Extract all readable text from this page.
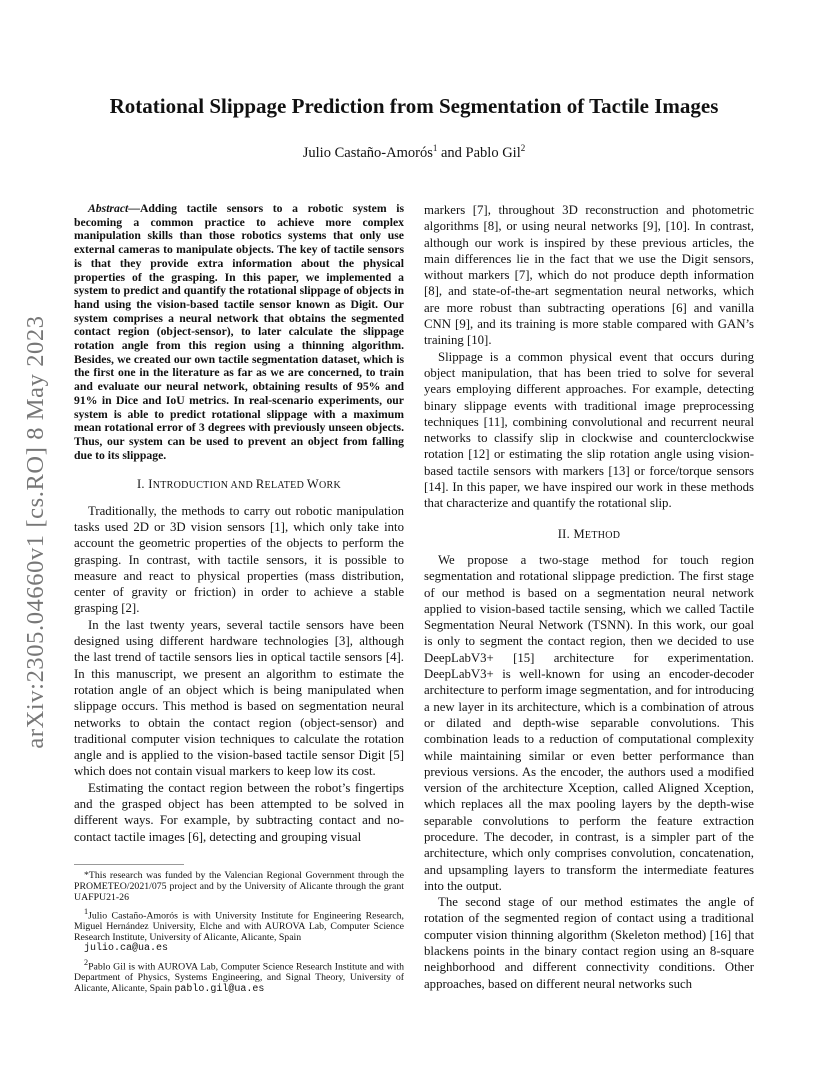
arXiv:2305.04660v1 [cs.RO] 8 May 2023
Rotational Slippage Prediction from Segmentation of Tactile Images
Julio Castaño-Amorós$^1$ and Pablo Gil$^2$

Abstract—Adding tactile sensors to a robotic system is becoming a common practice to achieve more complex manipulation skills than those robotics systems that only use external cameras to manipulate objects. The key of tactile sensors is that they provide extra information about the physical properties of the grasping. In this paper, we implemented a system to predict and quantify the rotational slippage of objects in hand using the vision-based tactile sensor known as Digit. Our system comprises a neural network that obtains the segmented contact region (object-sensor), to later calculate the slippage rotation angle from this region using a thinning algorithm. Besides, we created our own tactile segmentation dataset, which is the first one in the literature as far as we are concerned, to train and evaluate our neural network, obtaining results of 95% and 91% in Dice and IoU metrics. In real-scenario experiments, our system is able to predict rotational slippage with a maximum mean rotational error of 3 degrees with previously unseen objects. Thus, our system can be used to prevent an object from falling due to its slippage.

I. INTRODUCTION AND RELATED WORK

Traditionally, the methods to carry out robotic manipulation tasks used 2D or 3D vision sensors [1], which only take into account the geometric properties of the objects to perform the grasping. In contrast, with tactile sensors, it is possible to measure and react to physical properties (mass distribution, center of gravity or friction) in order to achieve a stable grasping [2].

In the last twenty years, several tactile sensors have been designed using different hardware technologies [3], although the last trend of tactile sensors lies in optical tactile sensors [4]. In this manuscript, we present an algorithm to estimate the rotation angle of an object which is being manipulated when slippage occurs. This method is based on segmentation neural networks to obtain the contact region (object-sensor) and traditional computer vision techniques to calculate the rotation angle and is applied to the vision-based tactile sensor Digit [5] which does not contain visual markers to keep low its cost.

Estimating the contact region between the robot’s fingertips and the grasped object has been attempted to be solved in different ways. For example, by subtracting contact and no-contact tactile images [6], detecting and grouping visual

*This research was funded by the Valencian Regional Government through the PROMETEO/2021/075 project and by the University of Alicante through the grant UAFPU21-26

$^1$Julio Castaño-Amorós is with University Institute for Engineering Research, Miguel Hernández University, Elche and with AUROVA Lab, Computer Science Research Institute, University of Alicante, Alicante, Spain
julio.ca@ua.es

$^2$Pablo Gil is with AUROVA Lab, Computer Science Research Institute and with Department of Physics, Systems Engineering, and Signal Theory, University of Alicante, Alicante, Spain pablo.gil@ua.es

markers [7], throughout 3D reconstruction and photometric algorithms [8], or using neural networks [9], [10]. In contrast, although our work is inspired by these previous articles, the main differences lie in the fact that we use the Digit sensors, without markers [7], which do not produce depth information [8], and state-of-the-art segmentation neural networks, which are more robust than subtracting operations [6] and vanilla CNN [9], and its training is more stable compared with GAN’s training [10].

Slippage is a common physical event that occurs during object manipulation, that has been tried to solve for several years employing different approaches. For example, detecting binary slippage events with traditional image preprocessing techniques [11], combining convolutional and recurrent neural networks to classify slip in clockwise and counterclockwise rotation [12] or estimating the slip rotation angle using vision-based tactile sensors with markers [13] or force/torque sensors [14]. In this paper, we have inspired our work in these methods that characterize and quantify the rotational slip.

II. METHOD

We propose a two-stage method for touch region segmentation and rotational slippage prediction. The first stage of our method is based on a segmentation neural network applied to vision-based tactile sensing, which we called Tactile Segmentation Neural Network (TSNN). In this work, our goal is only to segment the contact region, then we decided to use DeepLabV3+ [15] architecture for experimentation. DeepLabV3+ is well-known for using an encoder-decoder architecture to perform image segmentation, and for introducing a new layer in its architecture, which is a combination of atrous or dilated and depth-wise separable convolutions. This combination leads to a reduction of computational complexity while maintaining similar or even better performance than previous versions. As the encoder, the authors used a modified version of the architecture Xception, called Aligned Xception, which replaces all the max pooling layers by the depth-wise separable convolutions to perform the feature extraction procedure. The decoder, in contrast, is a simpler part of the architecture, which only comprises convolution, concatenation, and upsampling layers to transform the intermediate features into the output.

The second stage of our method estimates the angle of rotation of the segmented region of contact using a traditional computer vision thinning algorithm (Skeleton method) [16] that blackens points in the binary contact region using an 8-square neighborhood and different connectivity conditions. Other approaches, based on different neural networks such
